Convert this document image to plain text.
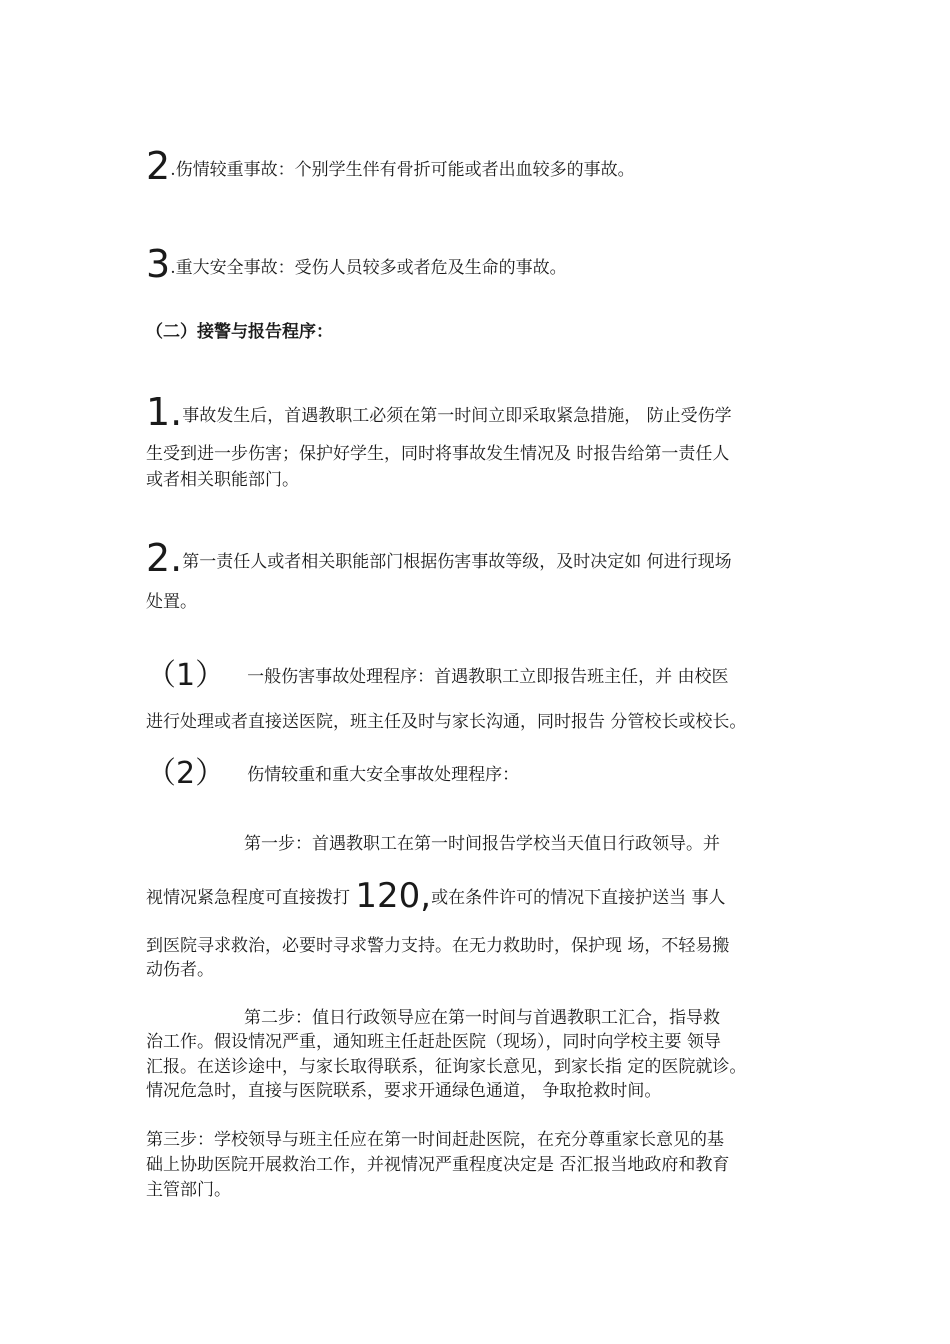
2.伤情较重事故：个别学生伴有骨折可能或者出血较多的事故。
3.重大安全事故：受伤人员较多或者危及生命的事故。
（二）接警与报告程序：
1.事故发生后，首遇教职工必须在第一时间立即采取紧急措施， 防止受伤学
生受到进一步伤害；保护好学生，同时将事故发生情况及 时报告给第一责任人
或者相关职能部门。
2.第一责任人或者相关职能部门根据伤害事故等级，及时决定如 何进行现场
处置。
（1） 一般伤害事故处理程序：首遇教职工立即报告班主任，并 由校医
进行处理或者直接送医院，班主任及时与家长沟通，同时报告 分管校长或校长。
（2） 伤情较重和重大安全事故处理程序：
第一步：首遇教职工在第一时间报告学校当天值日行政领导。并
视情况紧急程度可直接拨打 120,或在条件许可的情况下直接护送当 事人
到医院寻求救治，必要时寻求警力支持。在无力救助时，保护现 场，不轻易搬
动伤者。
第二步：值日行政领导应在第一时间与首遇教职工汇合，指导救
治工作。假设情况严重，通知班主任赶赴医院（现场），同时向学校主要 领导
汇报。在送诊途中，与家长取得联系，征询家长意见，到家长指 定的医院就诊。
情况危急时，直接与医院联系，要求开通绿色通道， 争取抢救时间。
第三步：学校领导与班主任应在第一时间赶赴医院，在充分尊重家长意见的基
础上协助医院开展救治工作，并视情况严重程度决定是 否汇报当地政府和教育
主管部门。
